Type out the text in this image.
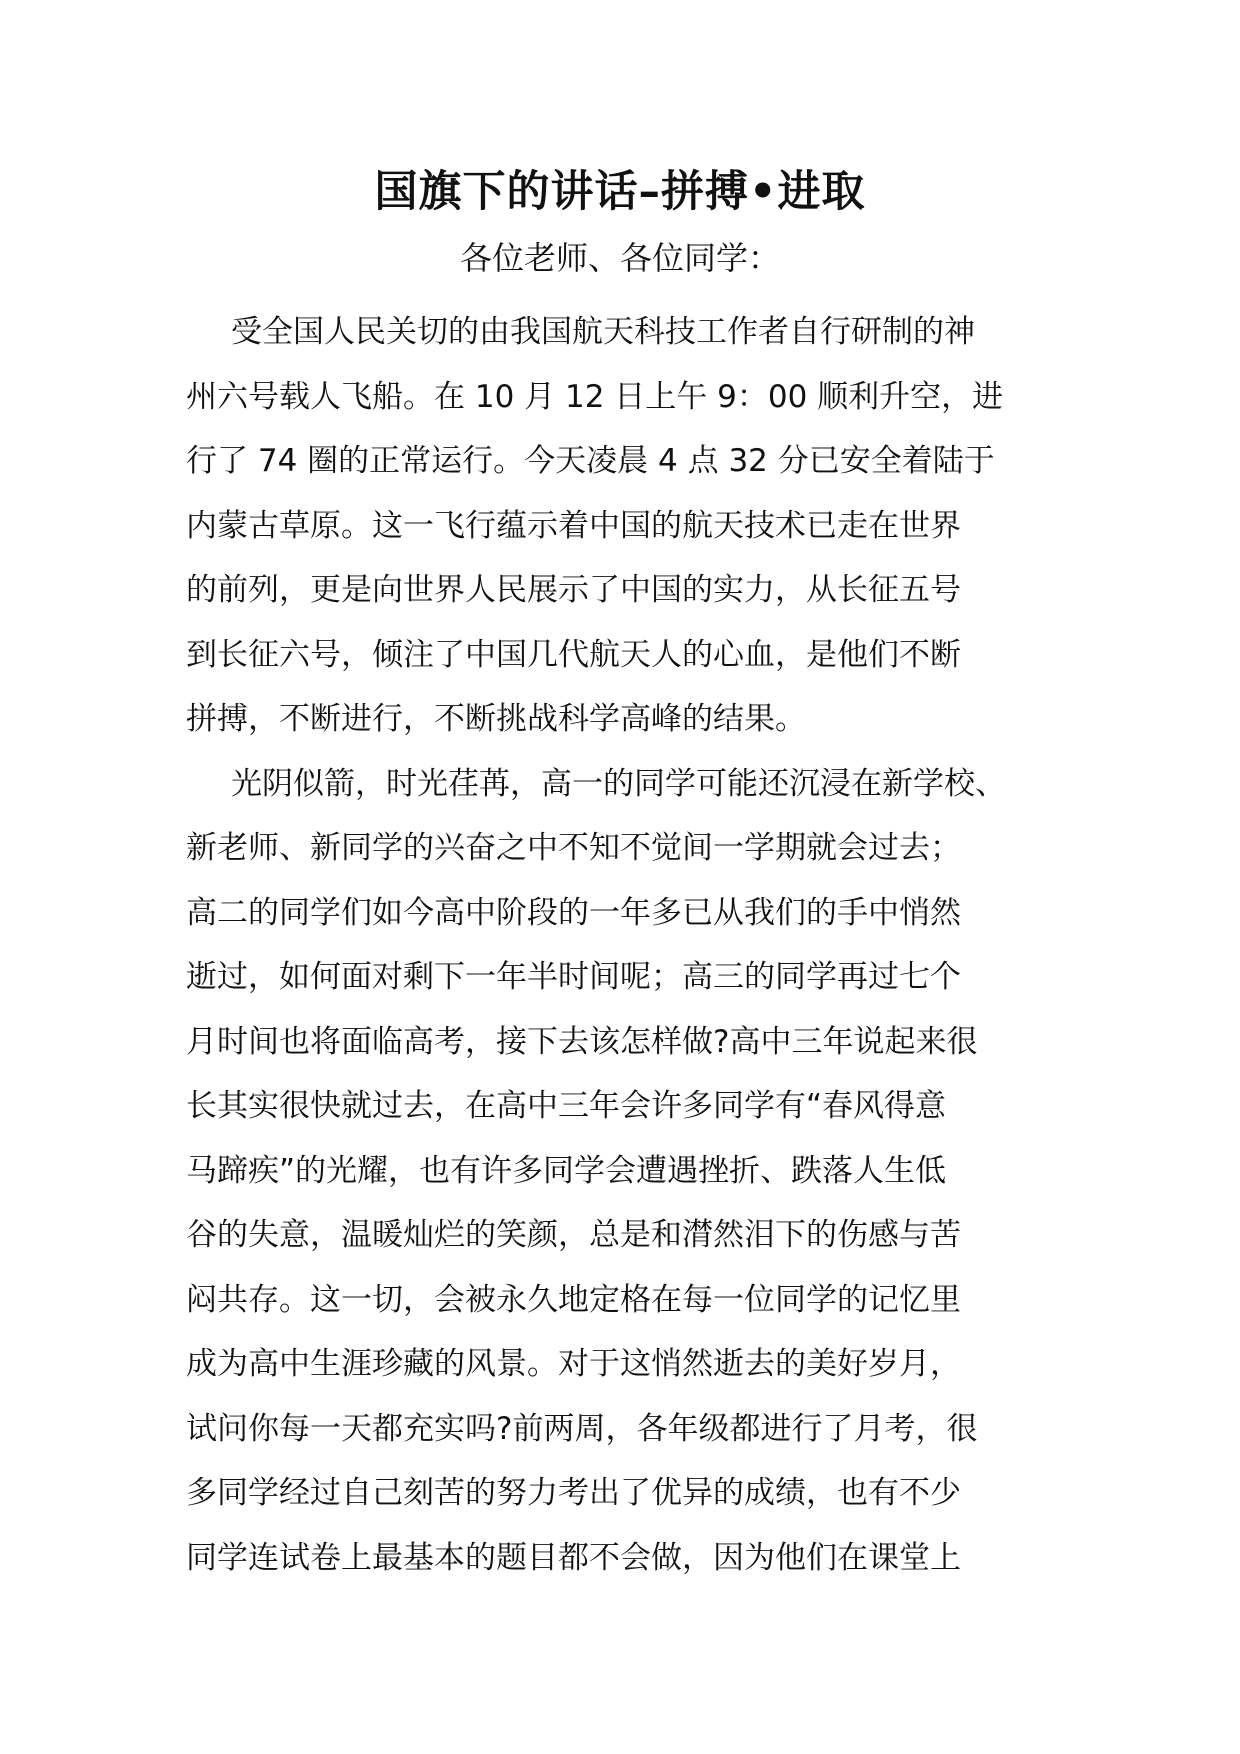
国旗下的讲话–拼搏•进取

各位老师、各位同学：

受全国人民关切的由我国航天科技工作者自行研制的神
州六号载人飞船。在 10 月 12 日上午 9：00 顺利升空，进
行了 74 圈的正常运行。今天凌晨 4 点 32 分已安全着陆于
内蒙古草原。这一飞行蕴示着中国的航天技术已走在世界
的前列，更是向世界人民展示了中国的实力，从长征五号
到长征六号，倾注了中国几代航天人的心血，是他们不断
拼搏，不断进行，不断挑战科学高峰的结果。
光阴似箭，时光荏苒，高一的同学可能还沉浸在新学校、
新老师、新同学的兴奋之中不知不觉间一学期就会过去；
高二的同学们如今高中阶段的一年多已从我们的手中悄然
逝过，如何面对剩下一年半时间呢；高三的同学再过七个
月时间也将面临高考，接下去该怎样做?高中三年说起来很
长其实很快就过去，在高中三年会许多同学有“春风得意
马蹄疾”的光耀，也有许多同学会遭遇挫折、跌落人生低
谷的失意，温暖灿烂的笑颜，总是和潸然泪下的伤感与苦
闷共存。这一切，会被永久地定格在每一位同学的记忆里
成为高中生涯珍藏的风景。对于这悄然逝去的美好岁月，
试问你每一天都充实吗?前两周，各年级都进行了月考，很
多同学经过自己刻苦的努力考出了优异的成绩，也有不少
同学连试卷上最基本的题目都不会做，因为他们在课堂上
